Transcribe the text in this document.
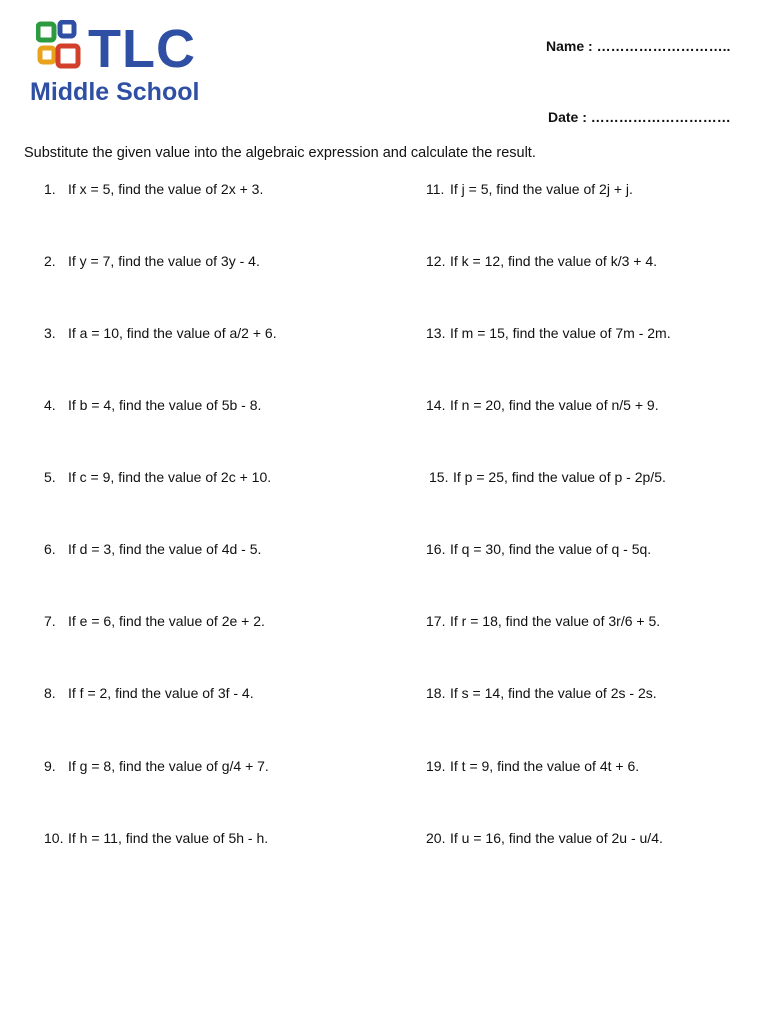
TLC
Middle School
Name : ………………………..
Date : …………………………
Substitute the given value into the algebraic expression and calculate the result.
1. If x = 5, find the value of 2x + 3.
2. If y = 7, find the value of 3y - 4.
3. If a = 10, find the value of a/2 + 6.
4. If b = 4, find the value of 5b - 8.
5. If c = 9, find the value of 2c + 10.
6. If d = 3, find the value of 4d - 5.
7. If e = 6, find the value of 2e + 2.
8. If f = 2, find the value of 3f - 4.
9. If g = 8, find the value of g/4 + 7.
10. If h = 11, find the value of 5h - h.
11. If j = 5, find the value of 2j + j.
12. If k = 12, find the value of k/3 + 4.
13. If m = 15, find the value of 7m - 2m.
14. If n = 20, find the value of n/5 + 9.
15. If p = 25, find the value of p - 2p/5.
16. If q = 30, find the value of q - 5q.
17. If r = 18, find the value of 3r/6 + 5.
18. If s = 14, find the value of 2s - 2s.
19. If t = 9, find the value of 4t + 6.
20. If u = 16, find the value of 2u - u/4.
